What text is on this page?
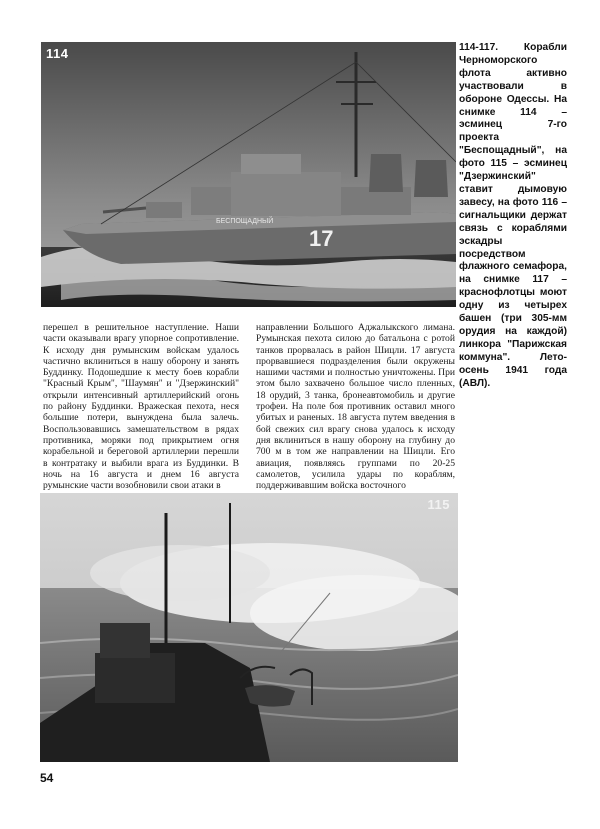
БЕСПОЩАДНЫЙ
17
114	114-117. Корабли Черноморского флота активно участвовали в обороне Одессы. На снимке 114 – эсминец 7-го проекта "Беспощадный", на фото 115 – эсминец "Дзержинский" ставит дымовую завесу, на фото 116 – сигнальщики держат связь с кораблями эскадры посредством флажного семафора, на снимке 117 – краснофлотцы моют одну из четырех башен (три 305-мм орудия на каждой) линкора "Парижская коммуна". Лето-осень 1941 года (АВЛ).
перешел в решительное наступление. Наши части оказывали врагу упорное сопротивление. К исходу дня румынским войскам удалось частично вклиниться в нашу оборону и занять Буддинку. Подошедшие к месту боев корабли "Красный Крым", "Шаумян" и "Дзержинский" открыли интенсивный артиллерийский огонь по району Буддинки. Вражеская пехота, неся большие потери, вынуждена была залечь. Воспользовавшись замешательством в рядах противника, моряки под прикрытием огня корабельной и береговой артиллерии перешли в контратаку и выбили врага из Буддинки. В ночь на 16 августа и днем 16 августа румынские части возобновили свои атаки в
направлении Большого Аджалыкского лимана. Румынская пехота силою до батальона с ротой танков прорвалась в район Шицли. 17 августа прорвавшиеся подразделения были окружены нашими частями и полностью уничтожены. При этом было захвачено большое число пленных, 18 орудий, 3 танка, бронеавтомобиль и другие трофеи. На поле боя противник оставил много убитых и раненых. 18 августа путем введения в бой свежих сил врагу снова удалось к исходу дня вклиниться в нашу оборону на глубину до 700 м в том же направлении на Шицли. Его авиация, появляясь группами по 20-25 самолетов, усилила удары по кораблям, поддерживавшим войска восточного
115
54
